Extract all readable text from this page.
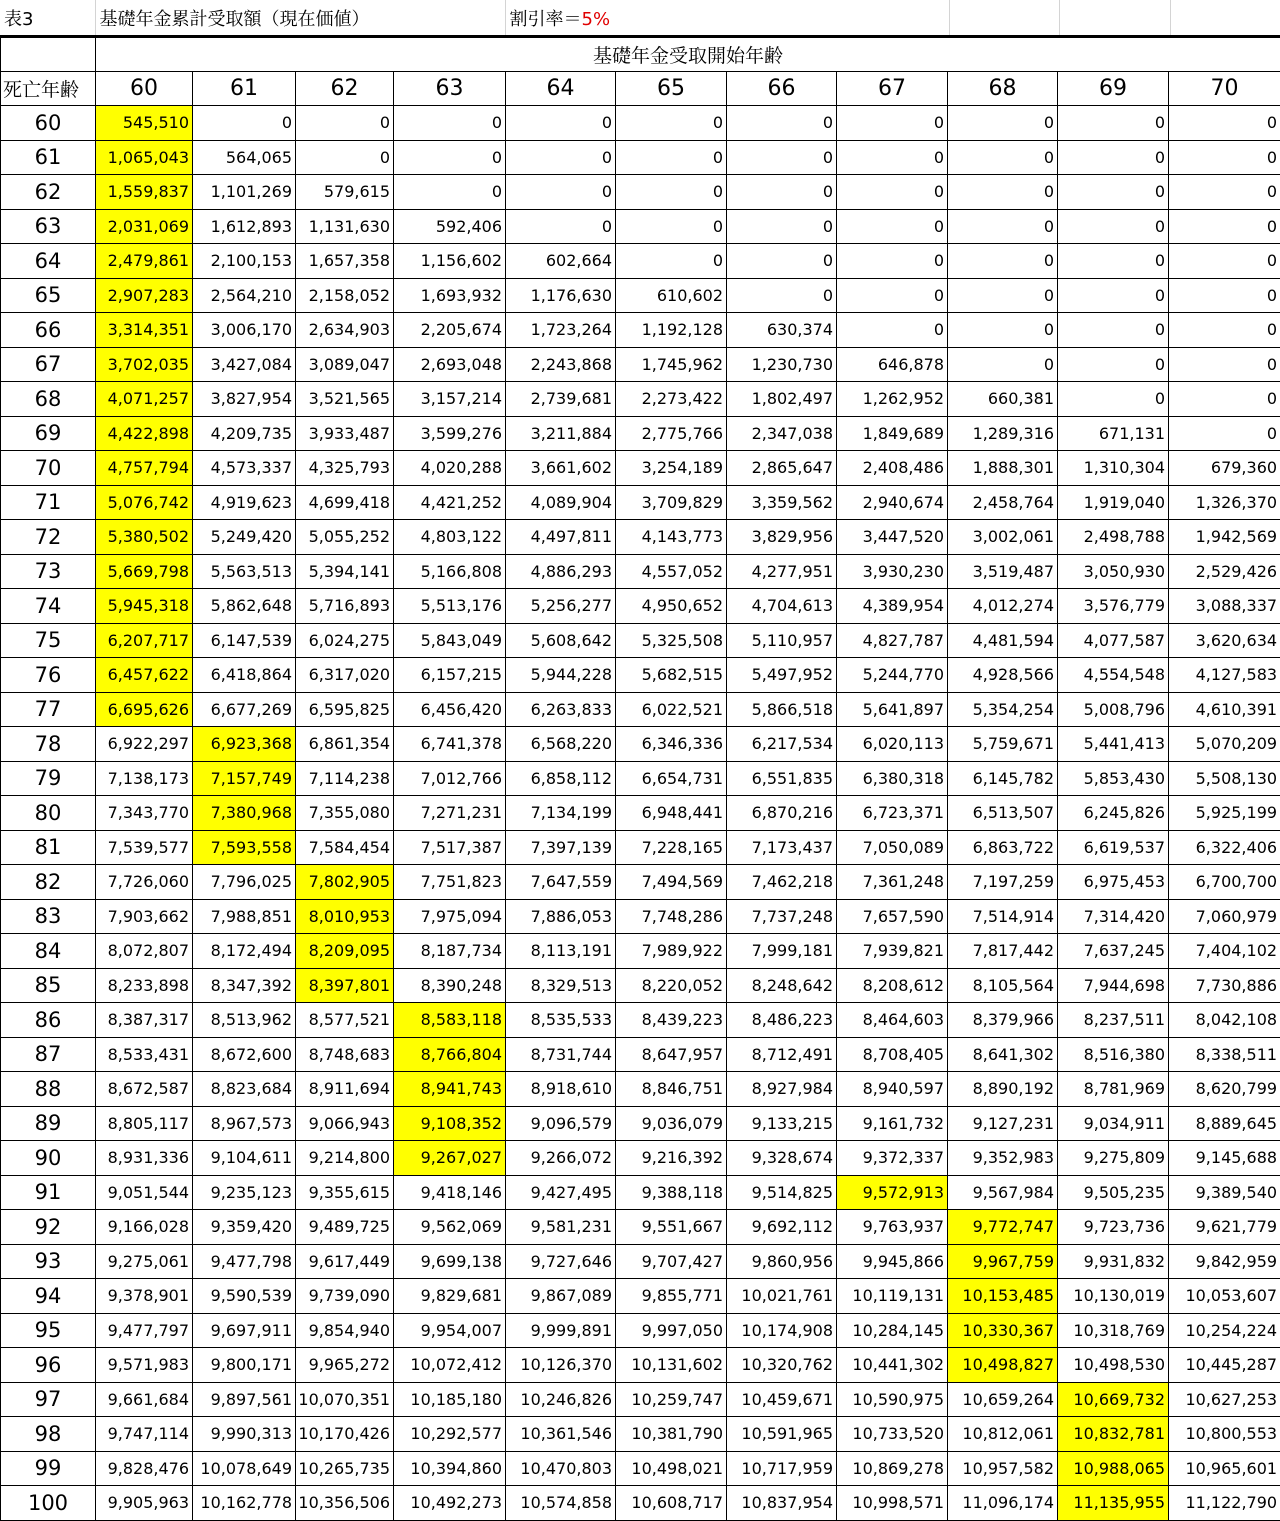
表3	基礎年金累計受取額（現在価値）	割引率＝5%			
	基礎年金受取開始年齢										
死亡年齢	60	61	62	63	64	65	66	67	68	69	70
60	545,510	0	0	0	0	0	0	0	0	0	0
61	1,065,043	564,065	0	0	0	0	0	0	0	0	0
62	1,559,837	1,101,269	579,615	0	0	0	0	0	0	0	0
63	2,031,069	1,612,893	1,131,630	592,406	0	0	0	0	0	0	0
64	2,479,861	2,100,153	1,657,358	1,156,602	602,664	0	0	0	0	0	0
65	2,907,283	2,564,210	2,158,052	1,693,932	1,176,630	610,602	0	0	0	0	0
66	3,314,351	3,006,170	2,634,903	2,205,674	1,723,264	1,192,128	630,374	0	0	0	0
67	3,702,035	3,427,084	3,089,047	2,693,048	2,243,868	1,745,962	1,230,730	646,878	0	0	0
68	4,071,257	3,827,954	3,521,565	3,157,214	2,739,681	2,273,422	1,802,497	1,262,952	660,381	0	0
69	4,422,898	4,209,735	3,933,487	3,599,276	3,211,884	2,775,766	2,347,038	1,849,689	1,289,316	671,131	0
70	4,757,794	4,573,337	4,325,793	4,020,288	3,661,602	3,254,189	2,865,647	2,408,486	1,888,301	1,310,304	679,360
71	5,076,742	4,919,623	4,699,418	4,421,252	4,089,904	3,709,829	3,359,562	2,940,674	2,458,764	1,919,040	1,326,370
72	5,380,502	5,249,420	5,055,252	4,803,122	4,497,811	4,143,773	3,829,956	3,447,520	3,002,061	2,498,788	1,942,569
73	5,669,798	5,563,513	5,394,141	5,166,808	4,886,293	4,557,052	4,277,951	3,930,230	3,519,487	3,050,930	2,529,426
74	5,945,318	5,862,648	5,716,893	5,513,176	5,256,277	4,950,652	4,704,613	4,389,954	4,012,274	3,576,779	3,088,337
75	6,207,717	6,147,539	6,024,275	5,843,049	5,608,642	5,325,508	5,110,957	4,827,787	4,481,594	4,077,587	3,620,634
76	6,457,622	6,418,864	6,317,020	6,157,215	5,944,228	5,682,515	5,497,952	5,244,770	4,928,566	4,554,548	4,127,583
77	6,695,626	6,677,269	6,595,825	6,456,420	6,263,833	6,022,521	5,866,518	5,641,897	5,354,254	5,008,796	4,610,391
78	6,922,297	6,923,368	6,861,354	6,741,378	6,568,220	6,346,336	6,217,534	6,020,113	5,759,671	5,441,413	5,070,209
79	7,138,173	7,157,749	7,114,238	7,012,766	6,858,112	6,654,731	6,551,835	6,380,318	6,145,782	5,853,430	5,508,130
80	7,343,770	7,380,968	7,355,080	7,271,231	7,134,199	6,948,441	6,870,216	6,723,371	6,513,507	6,245,826	5,925,199
81	7,539,577	7,593,558	7,584,454	7,517,387	7,397,139	7,228,165	7,173,437	7,050,089	6,863,722	6,619,537	6,322,406
82	7,726,060	7,796,025	7,802,905	7,751,823	7,647,559	7,494,569	7,462,218	7,361,248	7,197,259	6,975,453	6,700,700
83	7,903,662	7,988,851	8,010,953	7,975,094	7,886,053	7,748,286	7,737,248	7,657,590	7,514,914	7,314,420	7,060,979
84	8,072,807	8,172,494	8,209,095	8,187,734	8,113,191	7,989,922	7,999,181	7,939,821	7,817,442	7,637,245	7,404,102
85	8,233,898	8,347,392	8,397,801	8,390,248	8,329,513	8,220,052	8,248,642	8,208,612	8,105,564	7,944,698	7,730,886
86	8,387,317	8,513,962	8,577,521	8,583,118	8,535,533	8,439,223	8,486,223	8,464,603	8,379,966	8,237,511	8,042,108
87	8,533,431	8,672,600	8,748,683	8,766,804	8,731,744	8,647,957	8,712,491	8,708,405	8,641,302	8,516,380	8,338,511
88	8,672,587	8,823,684	8,911,694	8,941,743	8,918,610	8,846,751	8,927,984	8,940,597	8,890,192	8,781,969	8,620,799
89	8,805,117	8,967,573	9,066,943	9,108,352	9,096,579	9,036,079	9,133,215	9,161,732	9,127,231	9,034,911	8,889,645
90	8,931,336	9,104,611	9,214,800	9,267,027	9,266,072	9,216,392	9,328,674	9,372,337	9,352,983	9,275,809	9,145,688
91	9,051,544	9,235,123	9,355,615	9,418,146	9,427,495	9,388,118	9,514,825	9,572,913	9,567,984	9,505,235	9,389,540
92	9,166,028	9,359,420	9,489,725	9,562,069	9,581,231	9,551,667	9,692,112	9,763,937	9,772,747	9,723,736	9,621,779
93	9,275,061	9,477,798	9,617,449	9,699,138	9,727,646	9,707,427	9,860,956	9,945,866	9,967,759	9,931,832	9,842,959
94	9,378,901	9,590,539	9,739,090	9,829,681	9,867,089	9,855,771	10,021,761	10,119,131	10,153,485	10,130,019	10,053,607
95	9,477,797	9,697,911	9,854,940	9,954,007	9,999,891	9,997,050	10,174,908	10,284,145	10,330,367	10,318,769	10,254,224
96	9,571,983	9,800,171	9,965,272	10,072,412	10,126,370	10,131,602	10,320,762	10,441,302	10,498,827	10,498,530	10,445,287
97	9,661,684	9,897,561	10,070,351	10,185,180	10,246,826	10,259,747	10,459,671	10,590,975	10,659,264	10,669,732	10,627,253
98	9,747,114	9,990,313	10,170,426	10,292,577	10,361,546	10,381,790	10,591,965	10,733,520	10,812,061	10,832,781	10,800,553
99	9,828,476	10,078,649	10,265,735	10,394,860	10,470,803	10,498,021	10,717,959	10,869,278	10,957,582	10,988,065	10,965,601
100	9,905,963	10,162,778	10,356,506	10,492,273	10,574,858	10,608,717	10,837,954	10,998,571	11,096,174	11,135,955	11,122,790
